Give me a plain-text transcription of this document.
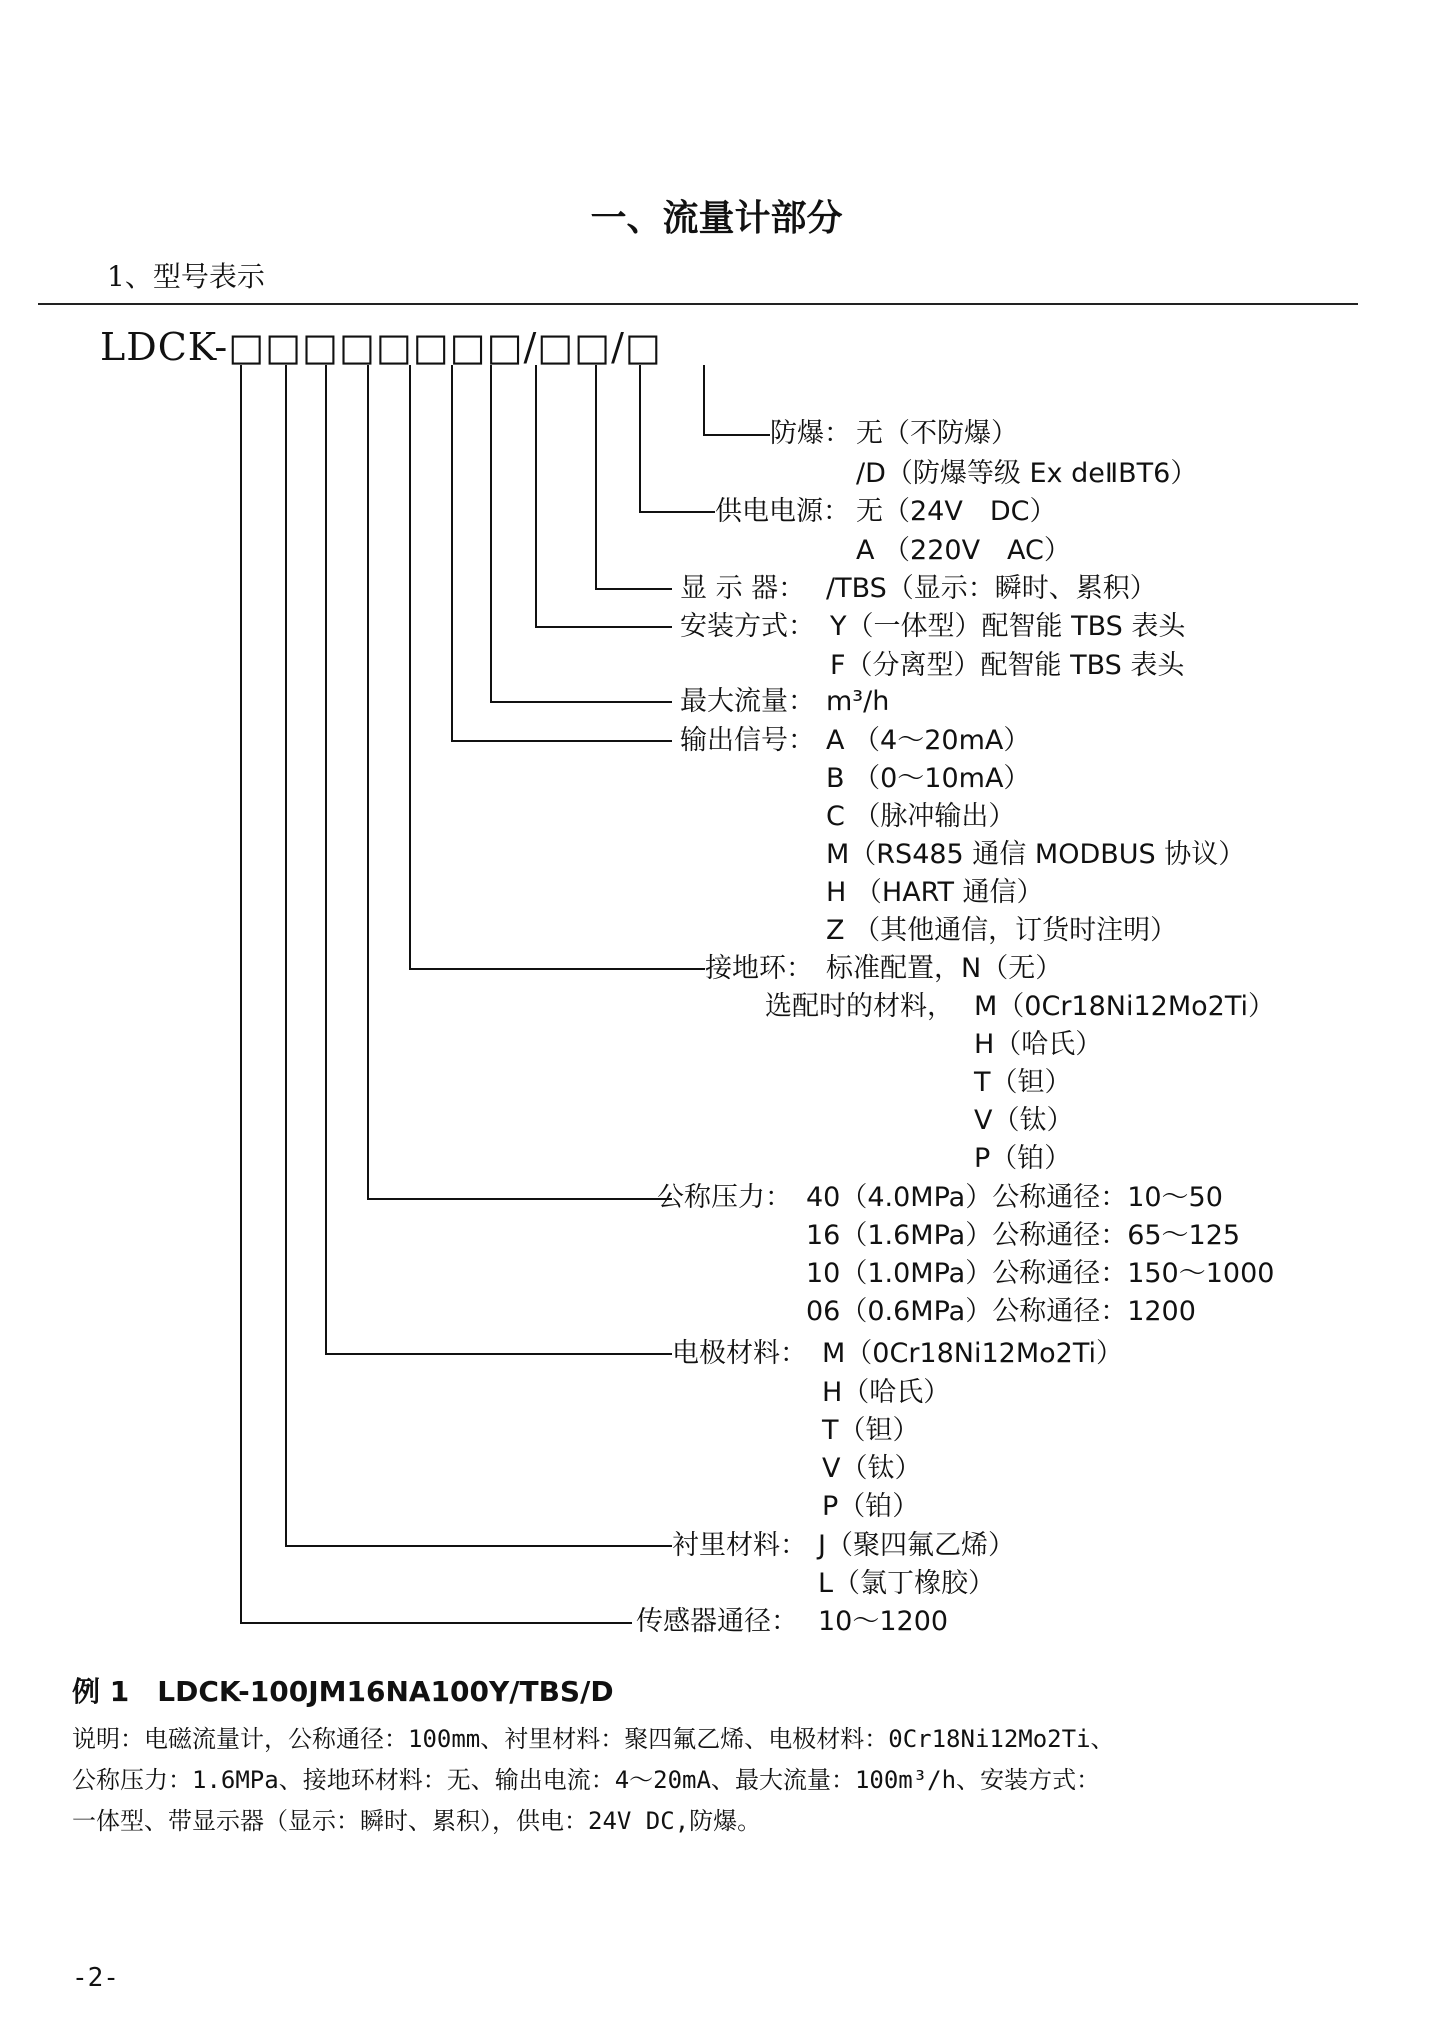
一、流量计部分
1、型号表示
LDCK-□□□□□□□□/□□/□
防爆： 无（不防爆）
/D（防爆等级 Ex deⅡBT6）
供电电源： 无（24V　DC）
A （220V　AC）
显 示 器： /TBS（显示：瞬时、累积）
安装方式： Y（一体型）配智能 TBS 表头
F（分离型）配智能 TBS 表头
最大流量： m³/h
输出信号： A （4～20mA）
B （0～10mA）
C （脉冲输出）
M（RS485 通信 MODBUS 协议）
H （HART 通信）
Z （其他通信，订货时注明）
接地环： 标准配置，N（无）
选配时的材料， M（0Cr18Ni12Mo2Ti）
H（哈氏）
T（钽）
V（钛）
P（铂）
公称压力： 40（4.0MPa）公称通径：10～50
16（1.6MPa）公称通径：65～125
10（1.0MPa）公称通径：150～1000
06（0.6MPa）公称通径：1200
电极材料： M（0Cr18Ni12Mo2Ti）
H（哈氏）
T（钽）
V（钛）
P（铂）
衬里材料： J（聚四氟乙烯）
L（氯丁橡胶）
传感器通径： 10～1200
例 1　LDCK-100JM16NA100Y/TBS/D
说明：电磁流量计，公称通径：100mm、衬里材料：聚四氟乙烯、电极材料：0Cr18Ni12Mo2Ti、
公称压力：1.6MPa、接地环材料：无、输出电流：4～20mA、最大流量：100m³/h、安装方式：
一体型、带显示器（显示：瞬时、累积），供电：24V DC,防爆。
-2-
